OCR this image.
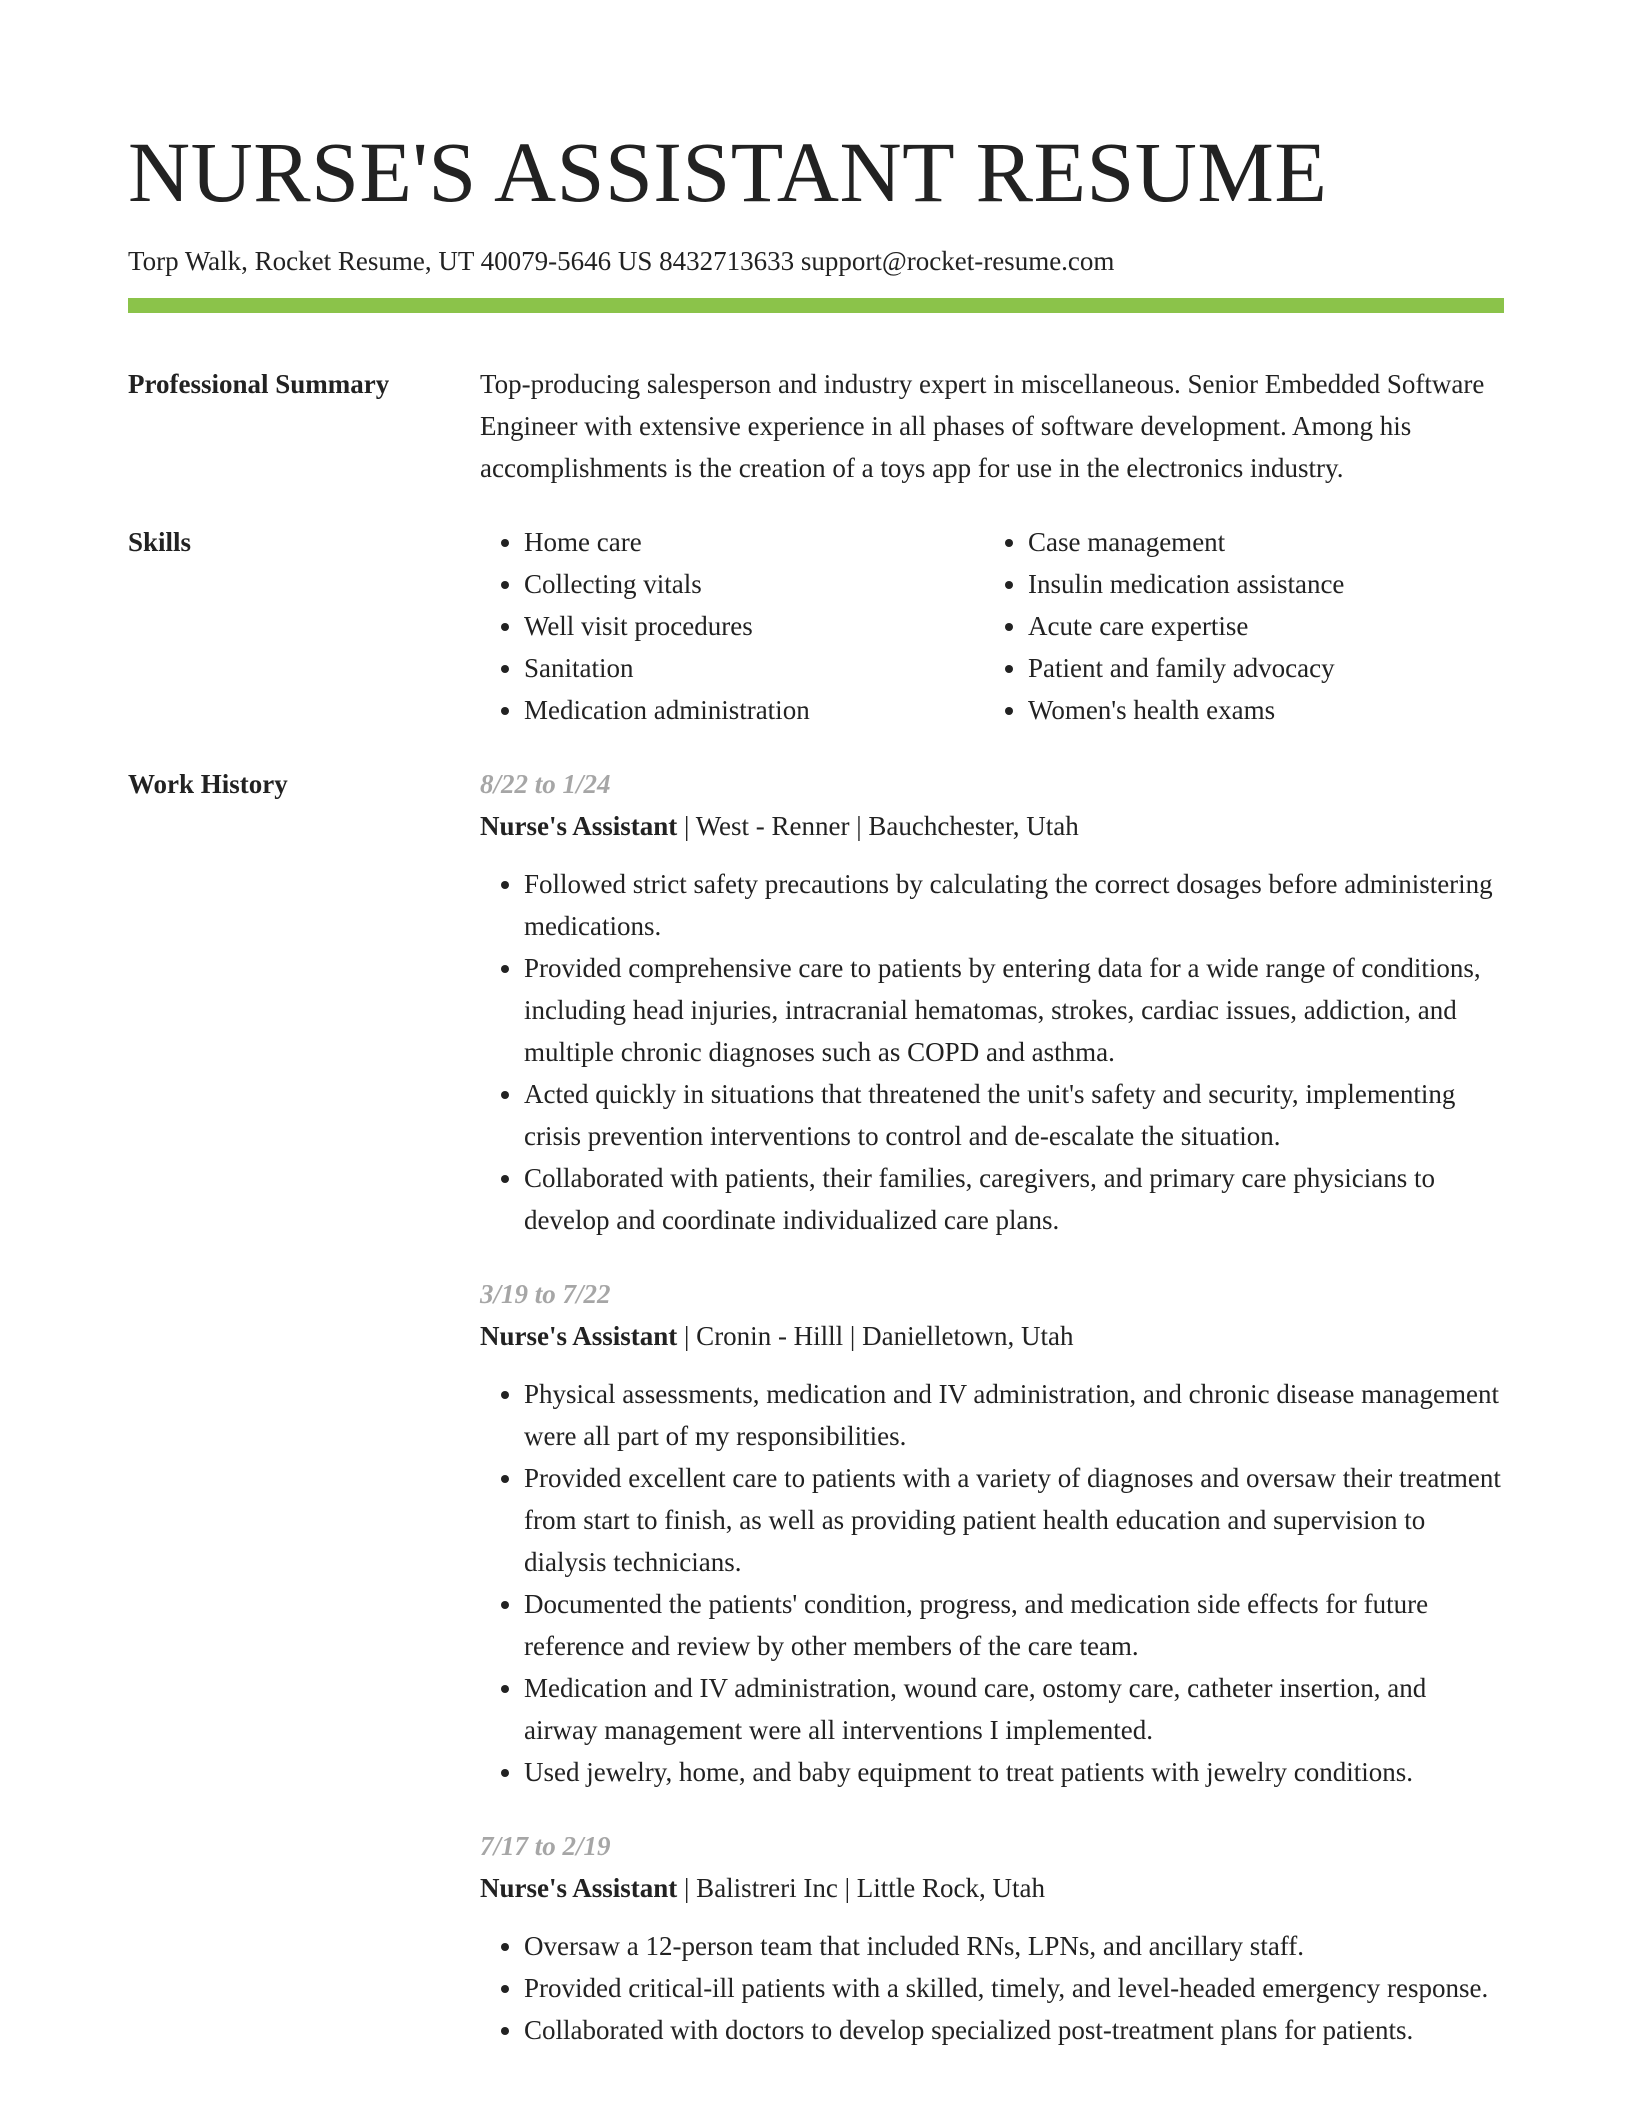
NURSE'S ASSISTANT RESUME
Torp Walk, Rocket Resume, UT 40079-5646 US 8432713633 support@rocket-resume.com
Professional Summary	Top-producing salesperson and industry expert in miscellaneous. Senior Embedded Software Engineer with extensive experience in all phases of software development. Among his accomplishments is the creation of a toys app for use in the electronics industry.

Skills
•	Home care
• Collecting vitals
• Well visit procedures
• Sanitation
• Medication administration
• Case management
• Insulin medication assistance
• Acute care expertise
• Patient and family advocacy
• Women's health exams
Work History	8/22 to 1/24
Nurse's Assistant | West - Renner | Bauchchester, Utah
• Followed strict safety precautions by calculating the correct dosages before administering medications.
• Provided comprehensive care to patients by entering data for a wide range of conditions, including head injuries, intracranial hematomas, strokes, cardiac issues, addiction, and multiple chronic diagnoses such as COPD and asthma.
• Acted quickly in situations that threatened the unit's safety and security, implementing crisis prevention interventions to control and de-escalate the situation.
• Collaborated with patients, their families, caregivers, and primary care physicians to develop and coordinate individualized care plans.
3/19 to 7/22
Nurse's Assistant | Cronin - Hilll | Danielletown, Utah
• Physical assessments, medication and IV administration, and chronic disease management were all part of my responsibilities.
• Provided excellent care to patients with a variety of diagnoses and oversaw their treatment from start to finish, as well as providing patient health education and supervision to dialysis technicians.
• Documented the patients' condition, progress, and medication side effects for future reference and review by other members of the care team.
• Medication and IV administration, wound care, ostomy care, catheter insertion, and airway management were all interventions I implemented.
• Used jewelry, home, and baby equipment to treat patients with jewelry conditions.
7/17 to 2/19
Nurse's Assistant | Balistreri Inc | Little Rock, Utah
• Oversaw a 12-person team that included RNs, LPNs, and ancillary staff.
• Provided critical-ill patients with a skilled, timely, and level-headed emergency response.
• Collaborated with doctors to develop specialized post-treatment plans for patients.
